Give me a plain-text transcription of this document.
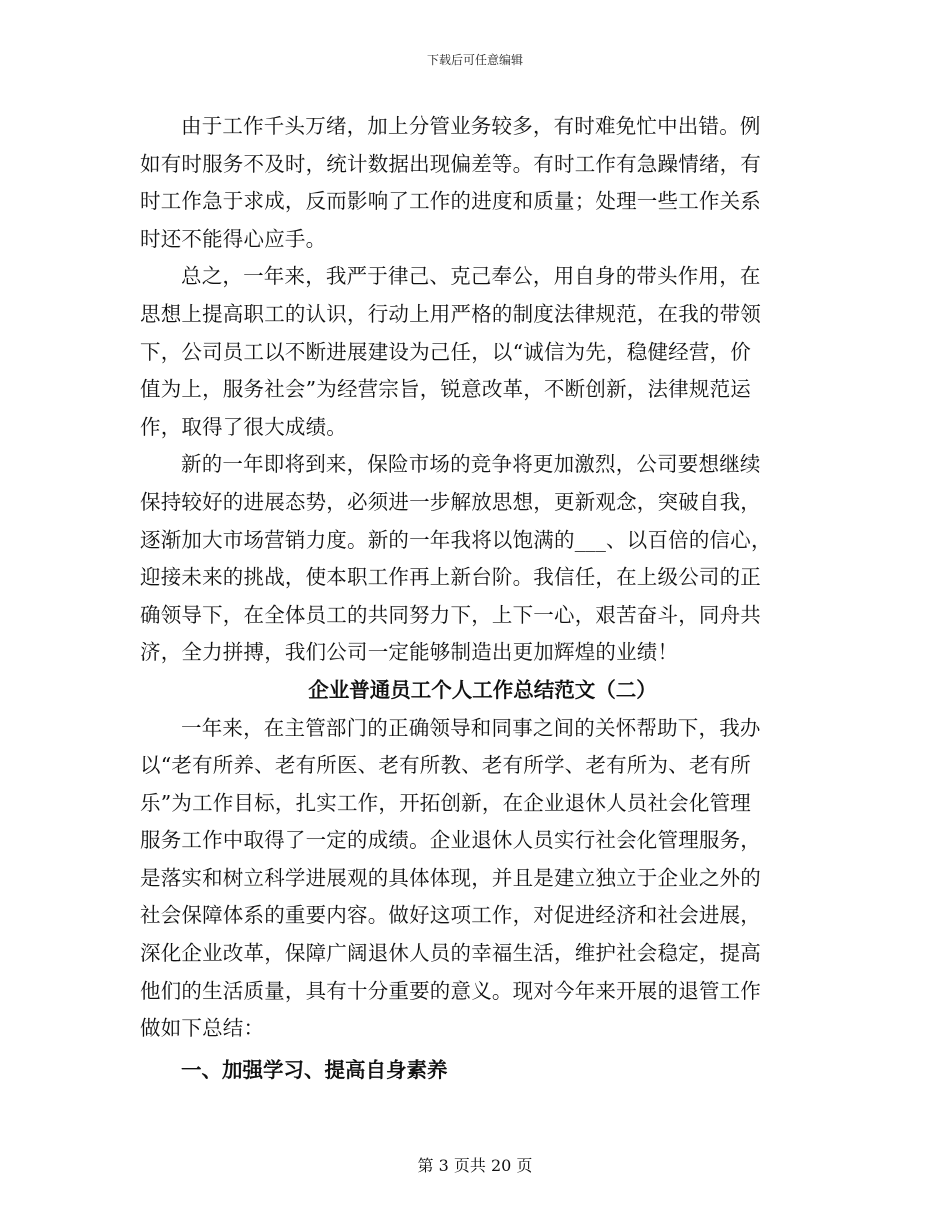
下载后可任意编辑
由于工作千头万绪，加上分管业务较多，有时难免忙中出错。例
如有时服务不及时，统计数据出现偏差等。有时工作有急躁情绪，有
时工作急于求成，反而影响了工作的进度和质量；处理一些工作关系
时还不能得心应手。
总之，一年来，我严于律己、克己奉公，用自身的带头作用，在
思想上提高职工的认识，行动上用严格的制度法律规范，在我的带领
下，公司员工以不断进展建设为己任，以“诚信为先，稳健经营，价
值为上，服务社会”为经营宗旨，锐意改革，不断创新，法律规范运
作，取得了很大成绩。
新的一年即将到来，保险市场的竞争将更加激烈，公司要想继续
保持较好的进展态势，必须进一步解放思想，更新观念，突破自我，
逐渐加大市场营销力度。新的一年我将以饱满的___、以百倍的信心，
迎接未来的挑战，使本职工作再上新台阶。我信任，在上级公司的正
确领导下，在全体员工的共同努力下，上下一心，艰苦奋斗，同舟共
济，全力拼搏，我们公司一定能够制造出更加辉煌的业绩！
企业普通员工个人工作总结范文（二）
一年来，在主管部门的正确领导和同事之间的关怀帮助下，我办
以“老有所养、老有所医、老有所教、老有所学、老有所为、老有所
乐”为工作目标，扎实工作，开拓创新，在企业退休人员社会化管理
服务工作中取得了一定的成绩。企业退休人员实行社会化管理服务，
是落实和树立科学进展观的具体体现，并且是建立独立于企业之外的
社会保障体系的重要内容。做好这项工作，对促进经济和社会进展，
深化企业改革，保障广阔退休人员的幸福生活，维护社会稳定，提高
他们的生活质量，具有十分重要的意义。现对今年来开展的退管工作
做如下总结：
一、加强学习、提高自身素养
第 3 页共 20 页
